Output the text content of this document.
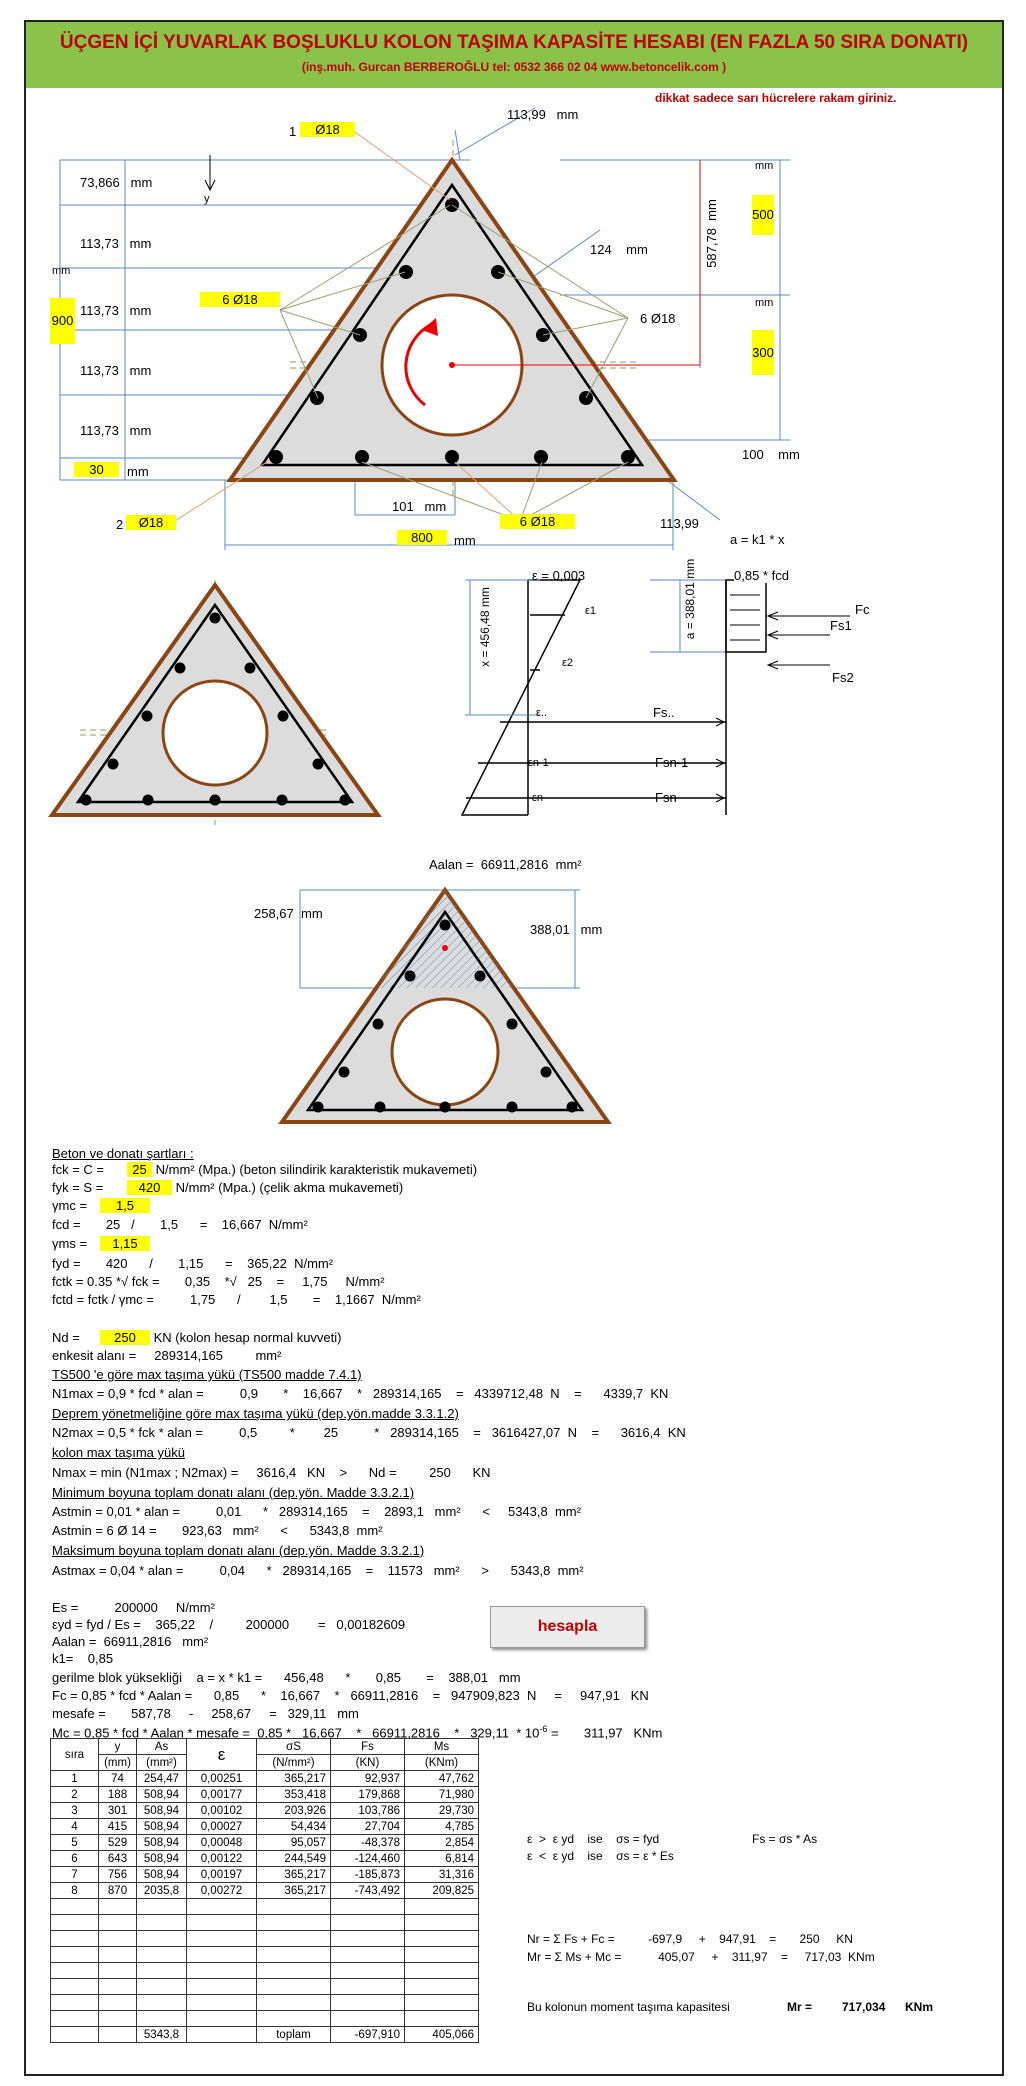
ÜÇGEN İÇİ YUVARLAK BOŞLUKLU KOLON TAŞIMA KAPASİTE HESABI (EN FAZLA 50 SIRA DONATI)
(inş.muh. Gurcan BERBEROĞLU tel: 0532 366 02 04 www.betoncelik.com )
dikkat sadece sarı hücrelere rakam giriniz.
1	Ø18
2	Ø18
6 Ø18
6 Ø18
6 Ø18
73,866 mm
113,73 mm
113,73 mm
113,73 mm
113,73 mm
30	mm
900
mm
800	mm
500
mm
300
mm
113,99 mm
113,99
124 mm	587,78  mm
100 mm
101 mm
y
a = k1 * x
ε = 0,003	0,85 * fcd
x = 456,48 mm
a = 388,01 mm
ε1
ε2
ε..
εn-1
εn
Fc
Fs1
Fs2
Fs..
Fsn-1
Fsn
Aalan = 66911,2816 mm²
258,67 mm
388,01 mm
Beton ve donatı şartları :
fck = C = 25 N/mm² (Mpa.) (beton silindirik karakteristik mukavemeti)
fyk = S =	420 N/mm² (Mpa.) (çelik akma mukavemeti)
γmc = 1,5
fcd =       25   /       1,5      =    16,667  N/mm²
γms = 1,15
fyd =       420      /       1,15      =    365,22  N/mm²
fctk = 0.35 *√ fck =       0,35    *√   25    =     1,75     N/mm²
fctd = fctk / γmc =          1,75      /        1,5       =    1,1667  N/mm²
Nd =	250 KN (kolon hesap normal kuvveti)
enkesit alanı =     289314,165         mm²
TS500 'e göre max taşıma yükü (TS500 madde 7.4.1)
N1max = 0,9 * fcd * alan =          0,9       *    16,667    *   289314,165    =   4339712,48  N    =      4339,7  KN
Deprem yönetmeliğine göre max taşıma yükü (dep.yön.madde 3.3.1.2)
N2max = 0,5 * fck * alan =          0,5         *        25          *   289314,165    =   3616427,07  N    =      3616,4  KN
kolon max taşıma yükü
Nmax = min (N1max ; N2max) =     3616,4   KN    >      Nd =         250      KN
Minimum boyuna toplam donatı alanı (dep.yön. Madde 3.3.2.1)
Astmin = 0,01 * alan =          0,01      *   289314,165    =    2893,1   mm²      <     5343,8  mm²
Astmin = 6 Ø 14 =       923,63   mm²      <      5343,8  mm²
Maksimum boyuna toplam donatı alanı (dep.yön. Madde 3.3.2.1)
Astmax = 0,04 * alan =          0,04      *   289314,165    =    11573   mm²      >      5343,8  mm²
Es =          200000     N/mm²
εyd = fyd / Es =    365,22    /         200000        =   0,00182609
Aalan =  66911,2816   mm²
k1=    0,85
gerilme blok yüksekliği    a = x * k1 =      456,48      *       0,85       =    388,01   mm
Fc = 0,85 * fcd * Aalan =      0,85      *    16,667    *   66911,2816    =   947909,823  N     =     947,91   KN
mesafe =       587,78     -     258,67     =   329,11   mm
Mc = 0,85 * fcd * Aalan * mesafe =  0,85 *   16,667    *   66911,2816    *   $329,11 * 10^{-6}$ =       311,97   KNm
hesapla
sıra	y	As	ε	σS	Fs	Ms
	(mm)	(mm²)		(N/mm²)	(KN)	(KNm)
1	74	254,47	0,00251	365,217	92,937	47,762
2	188	508,94	0,00177	353,418	179,868	71,980
3	301	508,94	0,00102	203,926	103,786	29,730
4	415	508,94	0,00027	54,434	27,704	4,785
5	529	508,94	0,00048	95,057	-48,378	2,854
6	643	508,94	0,00122	244,549	-124,460	6,814
7	756	508,94	0,00197	365,217	-185,873	31,316
8	870	2035,8	0,00272	365,217	-743,492	209,825

		5343,8		toplam	-697,910	405,066
ε  >  ε yd    ise    σs = fyd
ε  <  ε yd    ise    σs = ε * Es
Fs = σs * As
Nr = Σ Fs + Fc =          -697,9     +    947,91    =       250     KN
Mr = Σ Ms + Mc =           405,07     +    311,97    =     717,03  KNm
Bu kolonun moment taşıma kapasitesi	Mr = 717,034 KNm
